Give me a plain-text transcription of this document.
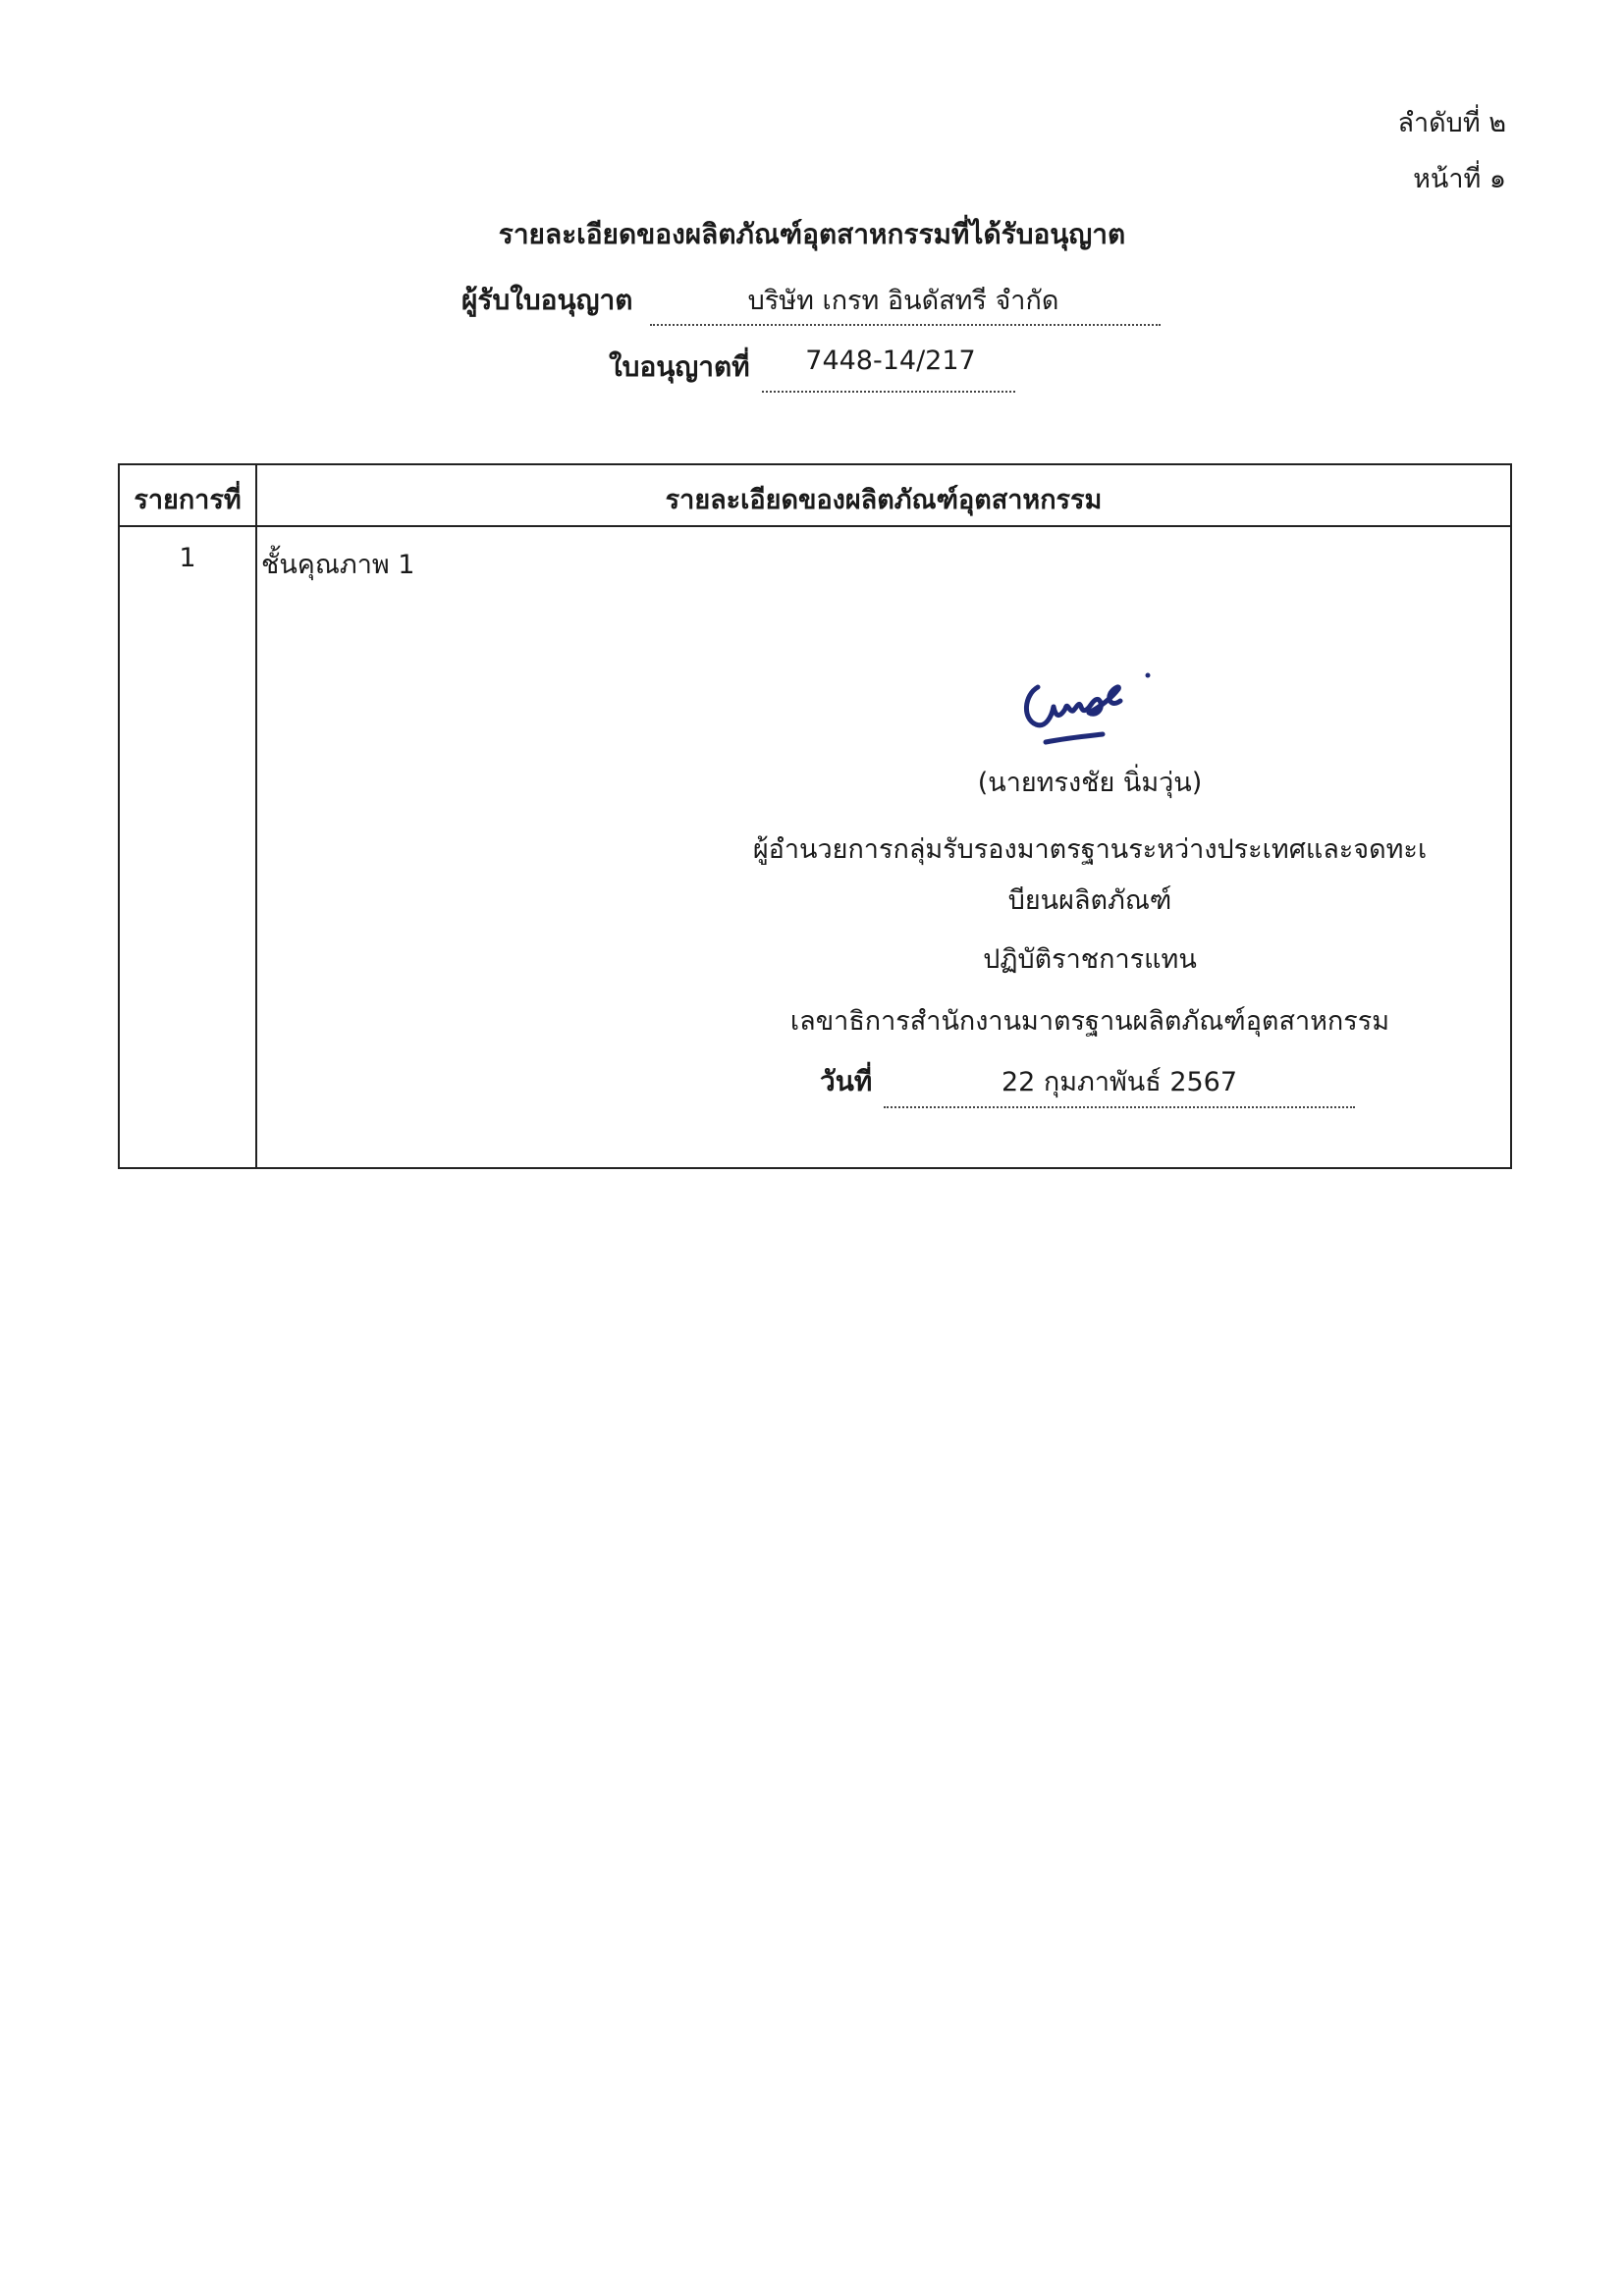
ลำดับที่ ๒
หน้าที่ ๑
รายละเอียดของผลิตภัณฑ์อุตสาหกรรมที่ได้รับอนุญาต
ผู้รับใบอนุญาต	บริษัท เกรท อินดัสทรี จำกัด
ใบอนุญาตที่	7448-14/217
รายการที่	รายละเอียดของผลิตภัณฑ์อุตสาหกรรม
1	ชั้นคุณภาพ 1
(นายทรงชัย นิ่มวุ่น)
ผู้อำนวยการกลุ่มรับรองมาตรฐานระหว่างประเทศและจดทะเ
บียนผลิตภัณฑ์
ปฏิบัติราชการแทน
เลขาธิการสำนักงานมาตรฐานผลิตภัณฑ์อุตสาหกรรม
วันที่	22 กุมภาพันธ์ 2567
